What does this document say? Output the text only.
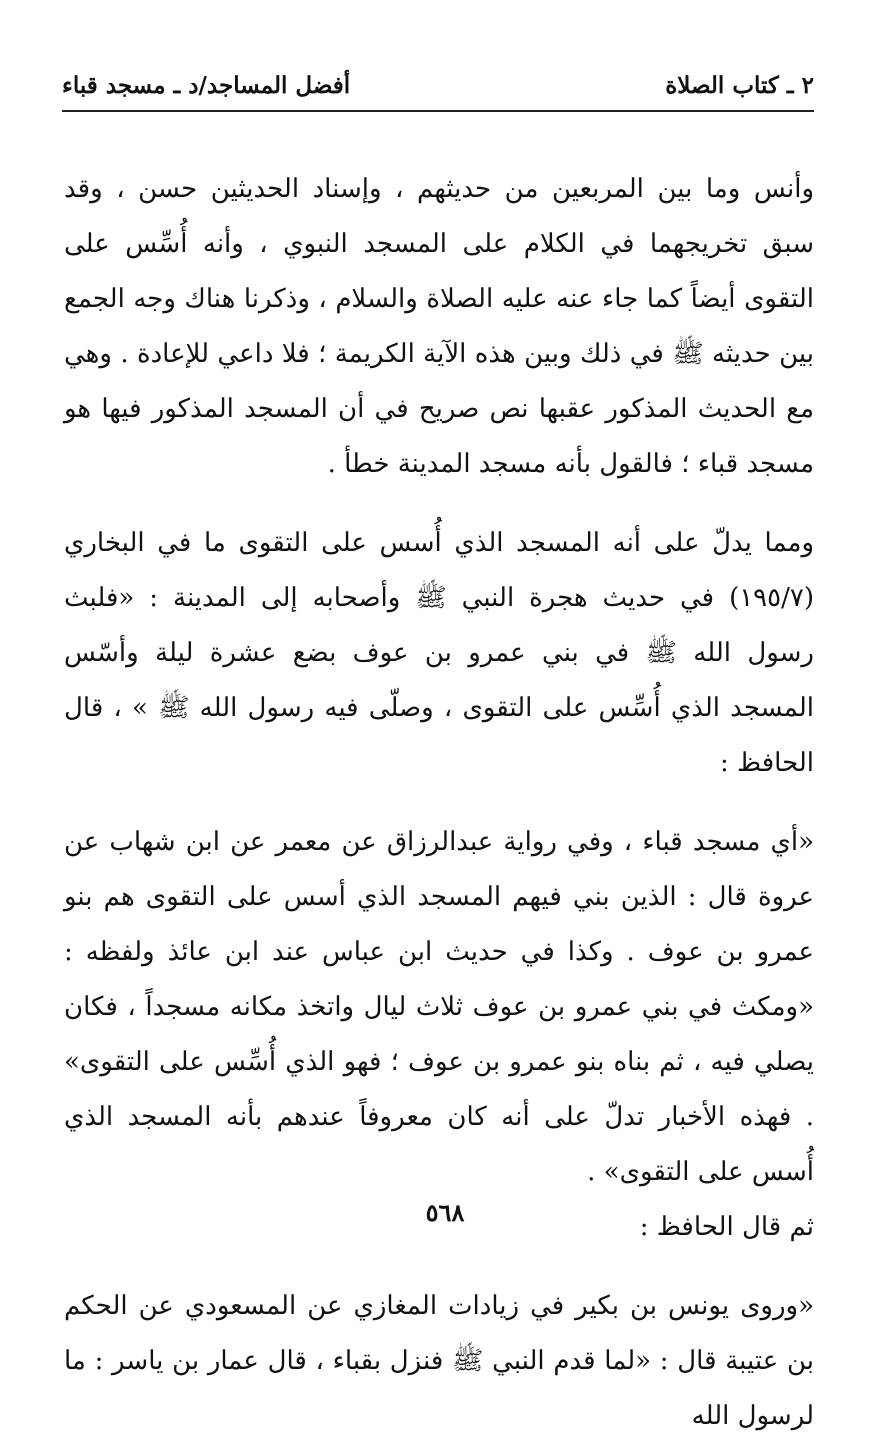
٢ ـ كتاب الصلاة
أفضل المساجد/د ـ مسجد قباء

وأنس وما بين المربعين من حديثهم ، وإسناد الحديثين حسن ، وقد سبق تخريجهما في الكلام على المسجد النبوي ، وأنه أُسِّس على التقوى أيضاً كما جاء عنه عليه الصلاة والسلام ، وذكرنا هناك وجه الجمع بين حديثه ﷺ في ذلك وبين هذه الآية الكريمة ؛ فلا داعي للإعادة . وهي مع الحديث المذكور عقبها نص صريح في أن المسجد المذكور فيها هو مسجد قباء ؛ فالقول بأنه مسجد المدينة خطأ .

ومما يدلّ على أنه المسجد الذي أُسس على التقوى ما في البخاري (١٩٥/٧) في حديث هجرة النبي ﷺ وأصحابه إلى المدينة : «فلبث رسول الله ﷺ في بني عمرو بن عوف بضع عشرة ليلة وأسّس المسجد الذي أُسِّس على التقوى ، وصلّى فيه رسول الله ﷺ » ، قال الحافظ :

«أي مسجد قباء ، وفي رواية عبدالرزاق عن معمر عن ابن شهاب عن عروة قال : الذين بني فيهم المسجد الذي أسس على التقوى هم بنو عمرو بن عوف . وكذا في حديث ابن عباس عند ابن عائذ ولفظه : «ومكث في بني عمرو بن عوف ثلاث ليال واتخذ مكانه مسجداً ، فكان يصلي فيه ، ثم بناه بنو عمرو بن عوف ؛ فهو الذي أُسِّس على التقوى» . فهذه الأخبار تدلّ على أنه كان معروفاً عندهم بأنه المسجد الذي أُسس على التقوى» .

ثم قال الحافظ :

«وروى يونس بن بكير في زيادات المغازي عن المسعودي عن الحكم بن عتيبة قال : «لما قدم النبي ﷺ فنزل بقباء ، قال عمار بن ياسر : ما لرسول الله

٥٦٨
